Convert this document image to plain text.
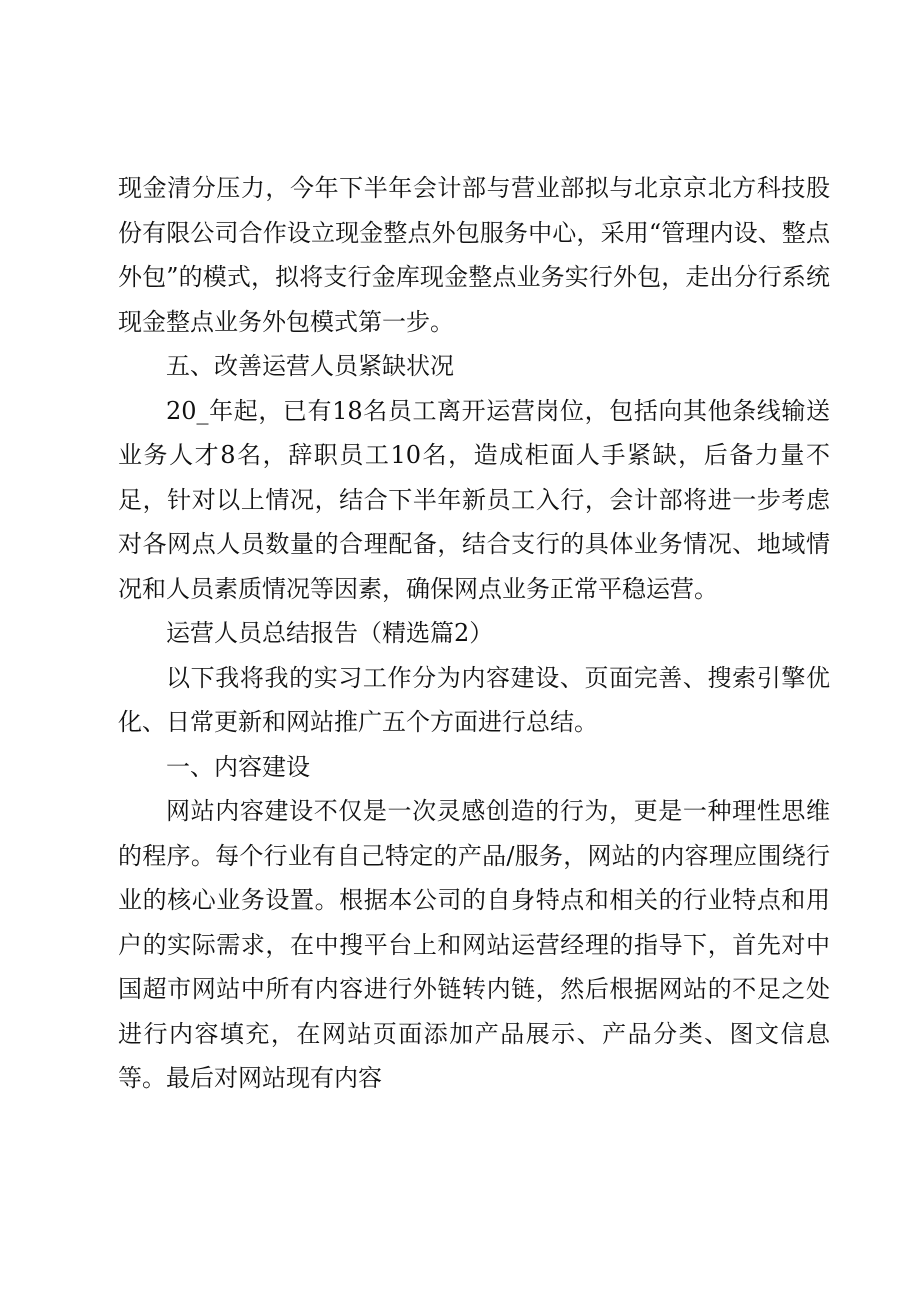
现金清分压力，今年下半年会计部与营业部拟与北京京北方科技股份有限公司合作设立现金整点外包服务中心，采用“管理内设、整点外包”的模式，拟将支行金库现金整点业务实行外包，走出分行系统现金整点业务外包模式第一步。

五、改善运营人员紧缺状况

20_年起，已有18名员工离开运营岗位，包括向其他条线输送业务人才8名，辞职员工10名，造成柜面人手紧缺，后备力量不足，针对以上情况，结合下半年新员工入行，会计部将进一步考虑对各网点人员数量的合理配备，结合支行的具体业务情况、地域情况和人员素质情况等因素，确保网点业务正常平稳运营。

运营人员总结报告（精选篇2）

以下我将我的实习工作分为内容建设、页面完善、搜索引擎优化、日常更新和网站推广五个方面进行总结。

一、内容建设

网站内容建设不仅是一次灵感创造的行为，更是一种理性思维的程序。每个行业有自己特定的产品/服务，网站的内容理应围绕行业的核心业务设置。根据本公司的自身特点和相关的行业特点和用户的实际需求，在中搜平台上和网站运营经理的指导下，首先对中国超市网站中所有内容进行外链转内链，然后根据网站的不足之处进行内容填充，在网站页面添加产品展示、产品分类、图文信息等。最后对网站现有内容
